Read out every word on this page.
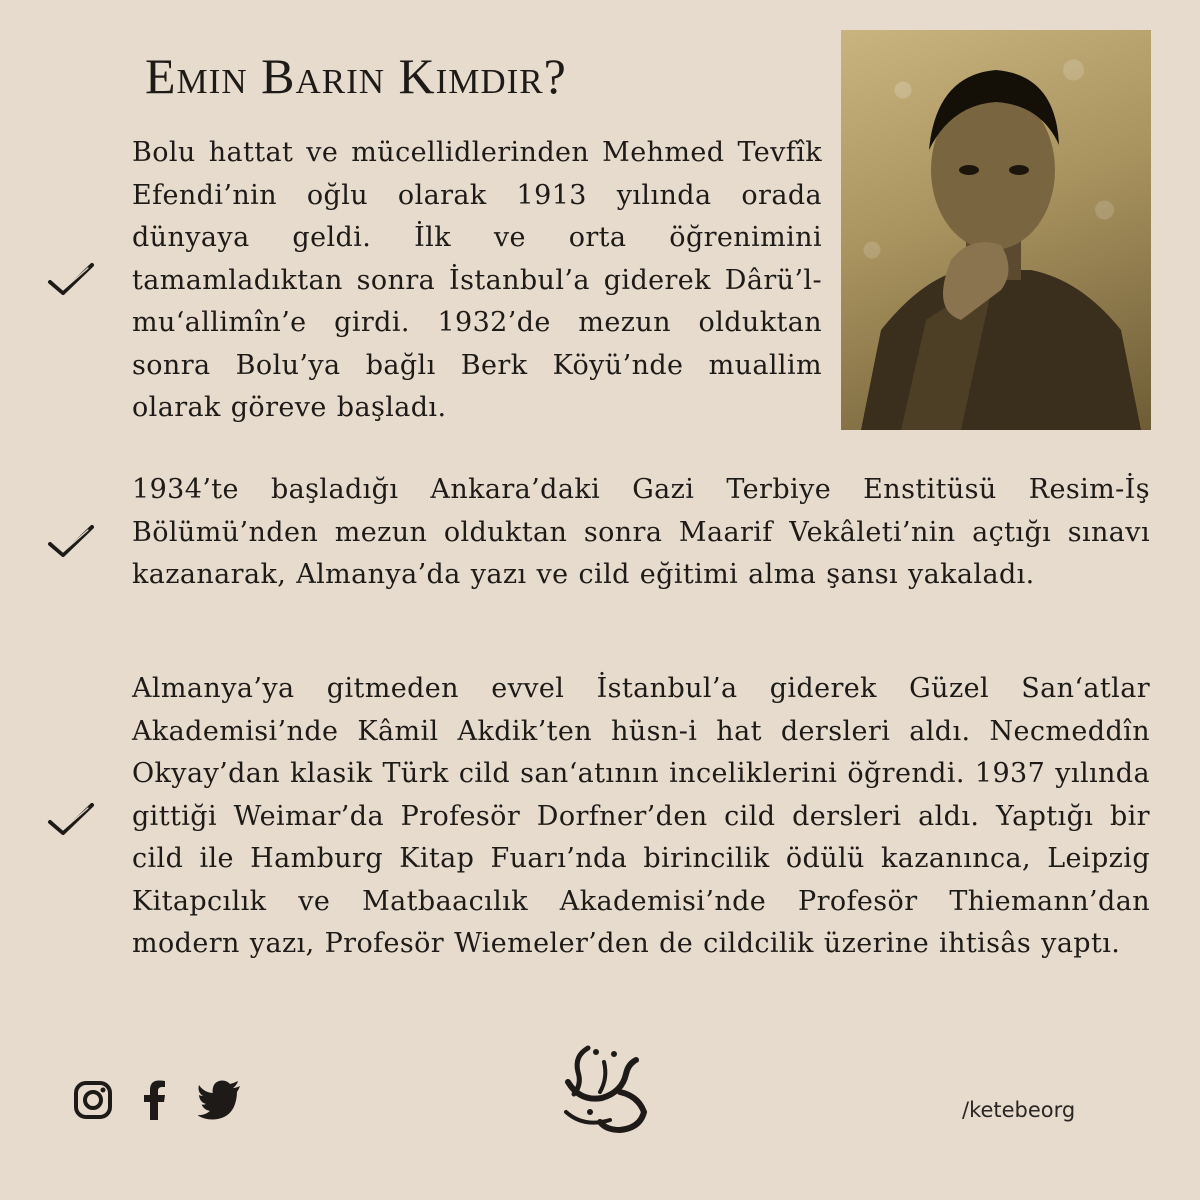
Emin Barın Kimdir?

Bolu hattat ve mücellidlerinden Mehmed Tevfîk Efendi’nin oğlu olarak 1913 yılında orada dünyaya geldi. İlk ve orta öğrenimini tamamladıktan sonra İstanbul’a giderek Dârü’l-mu‘allimîn’e girdi. 1932’de mezun olduktan sonra Bolu’ya bağlı Berk Köyü’nde muallim olarak göreve başladı.

1934’te başladığı Ankara’daki Gazi Terbiye Enstitüsü Resim-İş Bölümü’nden mezun olduktan sonra Maarif Vekâleti’nin açtığı sınavı kazanarak, Almanya’da yazı ve cild eğitimi alma şansı yakaladı.

Almanya’ya gitmeden evvel İstanbul’a giderek Güzel San‘atlar Akademisi’nde Kâmil Akdik’ten hüsn-i hat dersleri aldı. Necmeddîn Okyay’dan klasik Türk cild san‘atının inceliklerini öğrendi. 1937 yılında gittiği Weimar’da Profesör Dorfner’den cild dersleri aldı. Yaptığı bir cild ile Hamburg Kitap Fuarı’nda birincilik ödülü kazanınca, Leipzig Kitapcılık ve Matbaacılık Akademisi’nde Profesör Thiemann’dan modern yazı, Profesör Wiemeler’den de cildcilik üzerine ihtisâs yaptı.

/ketebeorg
